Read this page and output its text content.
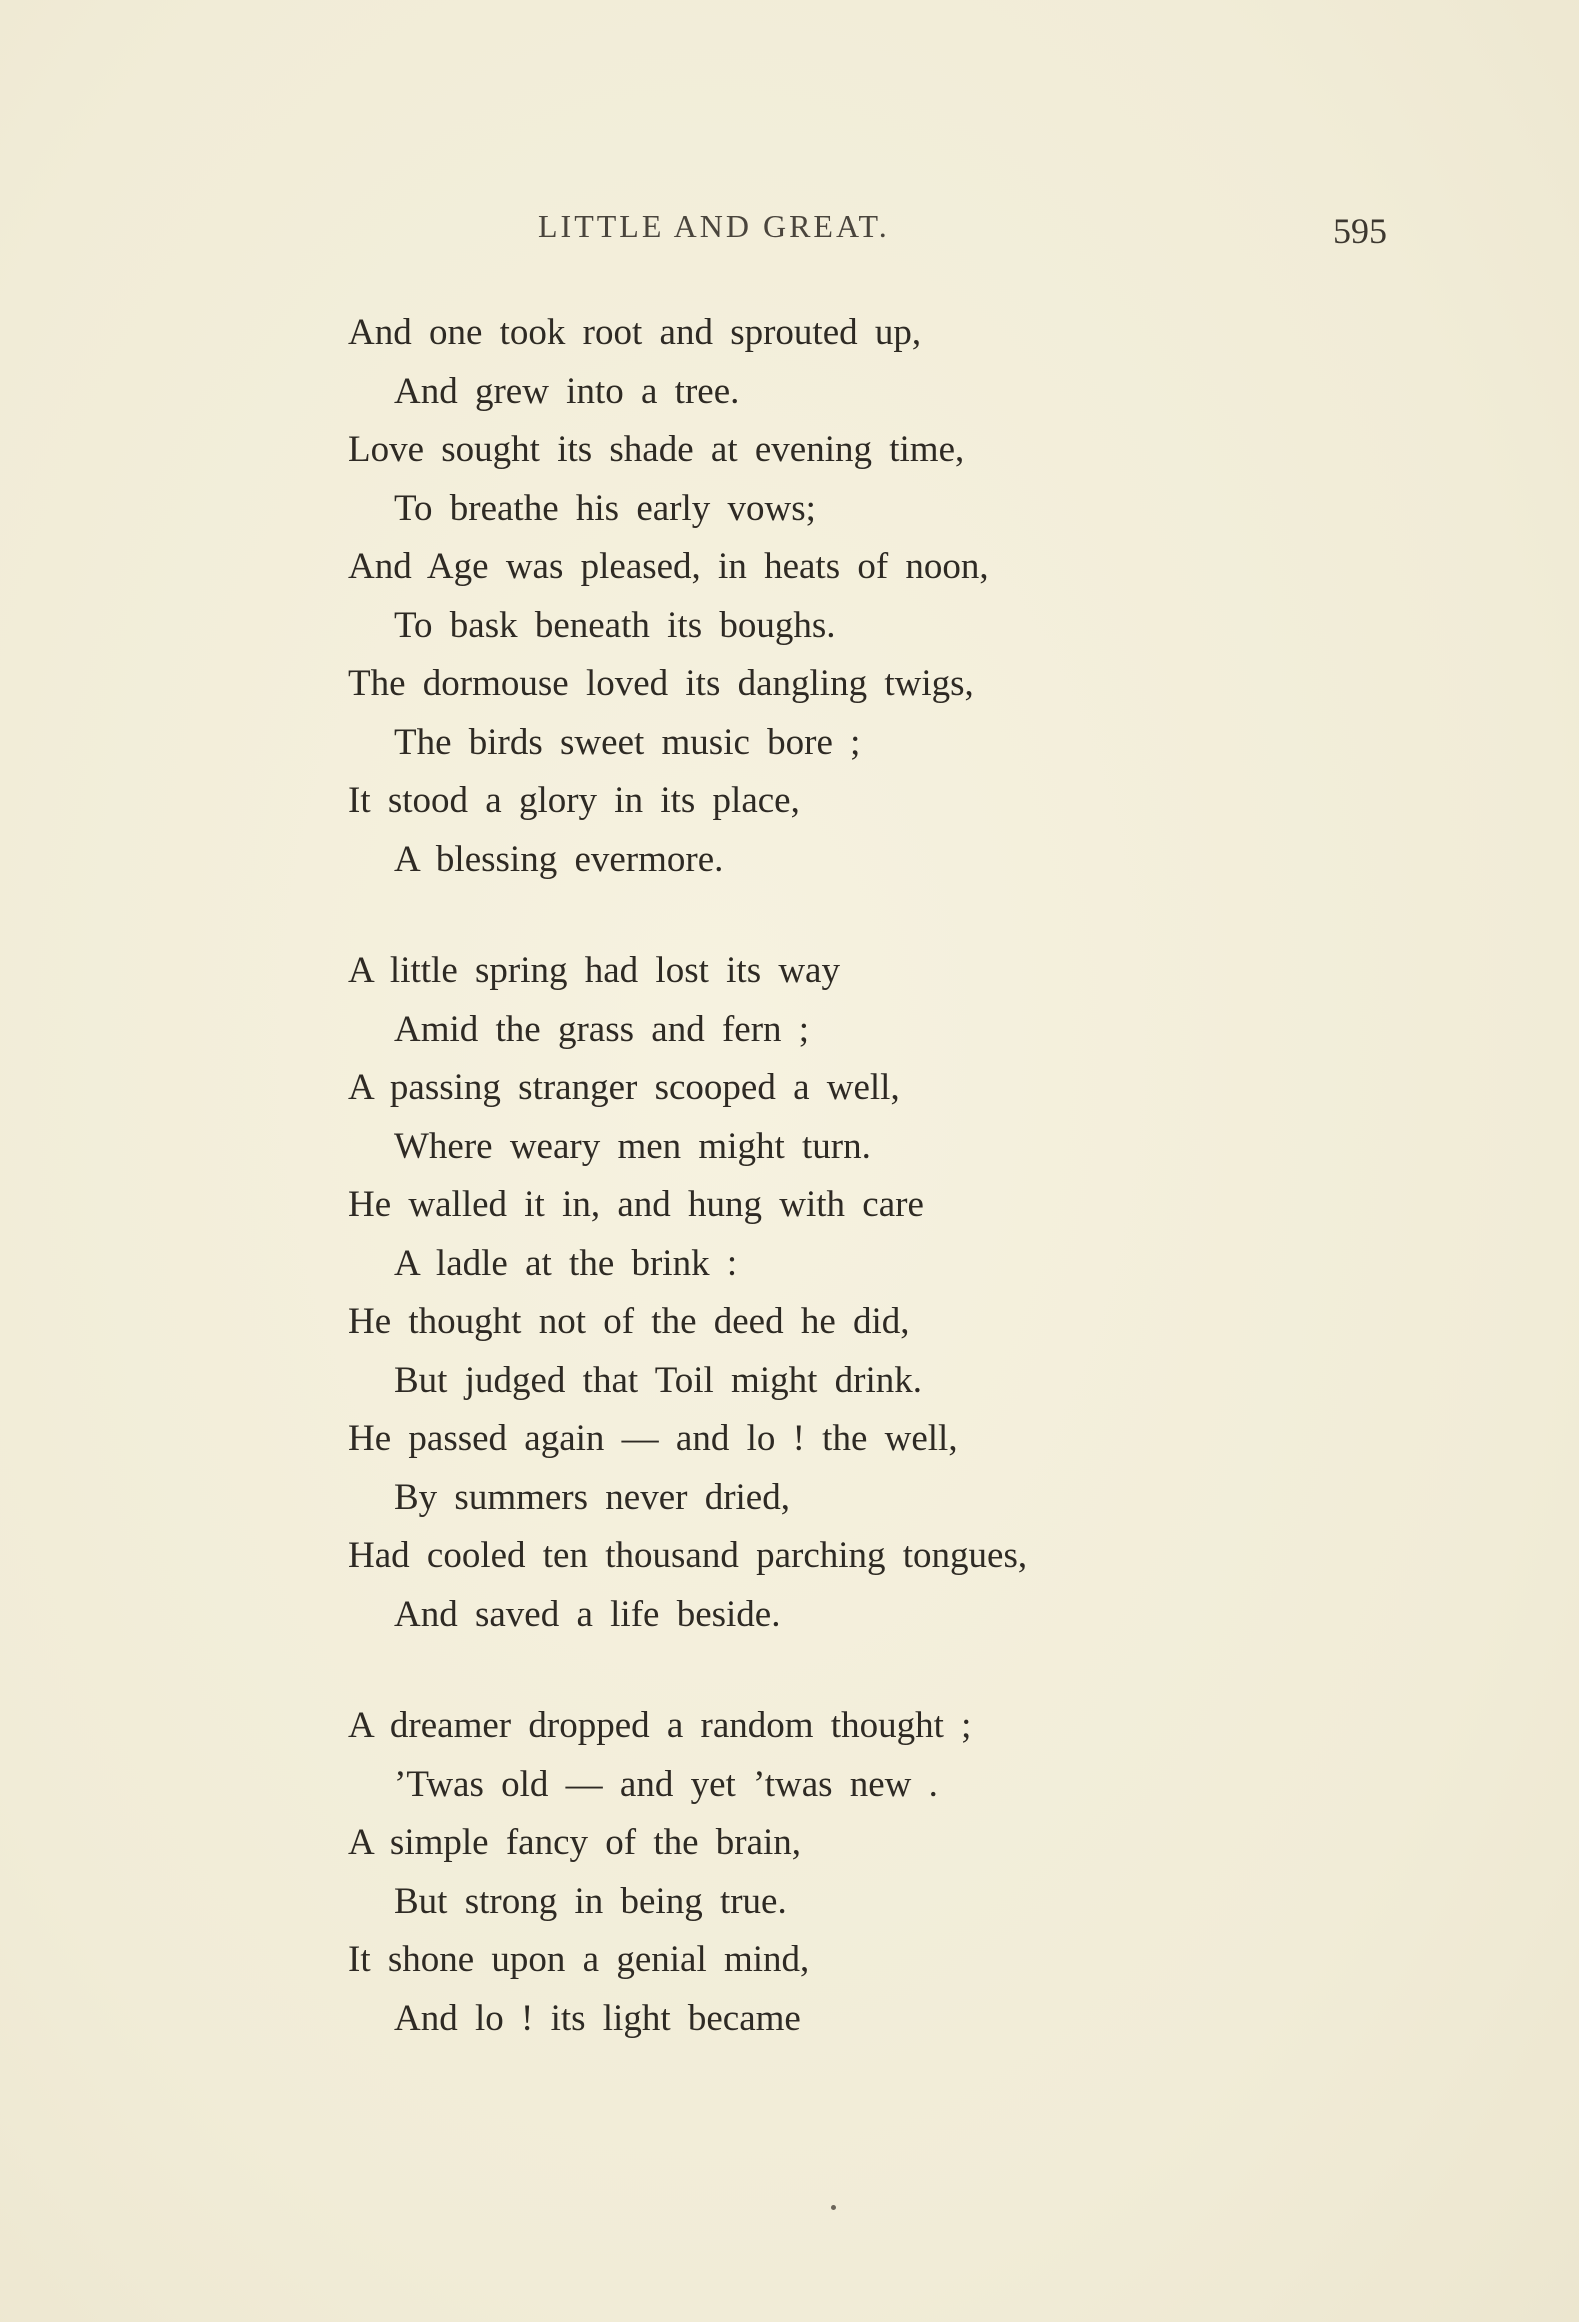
LITTLE AND GREAT.	595
And one took root and sprouted up,
And grew into a tree.
Love sought its shade at evening time,
To breathe his early vows;
And Age was pleased, in heats of noon,
To bask beneath its boughs.
The dormouse loved its dangling twigs,
The birds sweet music bore ;
It stood a glory in its place,
A blessing evermore.
A little spring had lost its way
Amid the grass and fern ;
A passing stranger scooped a well,
Where weary men might turn.
He walled it in, and hung with care
A ladle at the brink :
He thought not of the deed he did,
But judged that Toil might drink.
He passed again — and lo ! the well,
By summers never dried,
Had cooled ten thousand parching tongues,
And saved a life beside.
A dreamer dropped a random thought ;
’Twas old — and yet ’twas new .
A simple fancy of the brain,
But strong in being true.
It shone upon a genial mind,
And lo ! its light became
